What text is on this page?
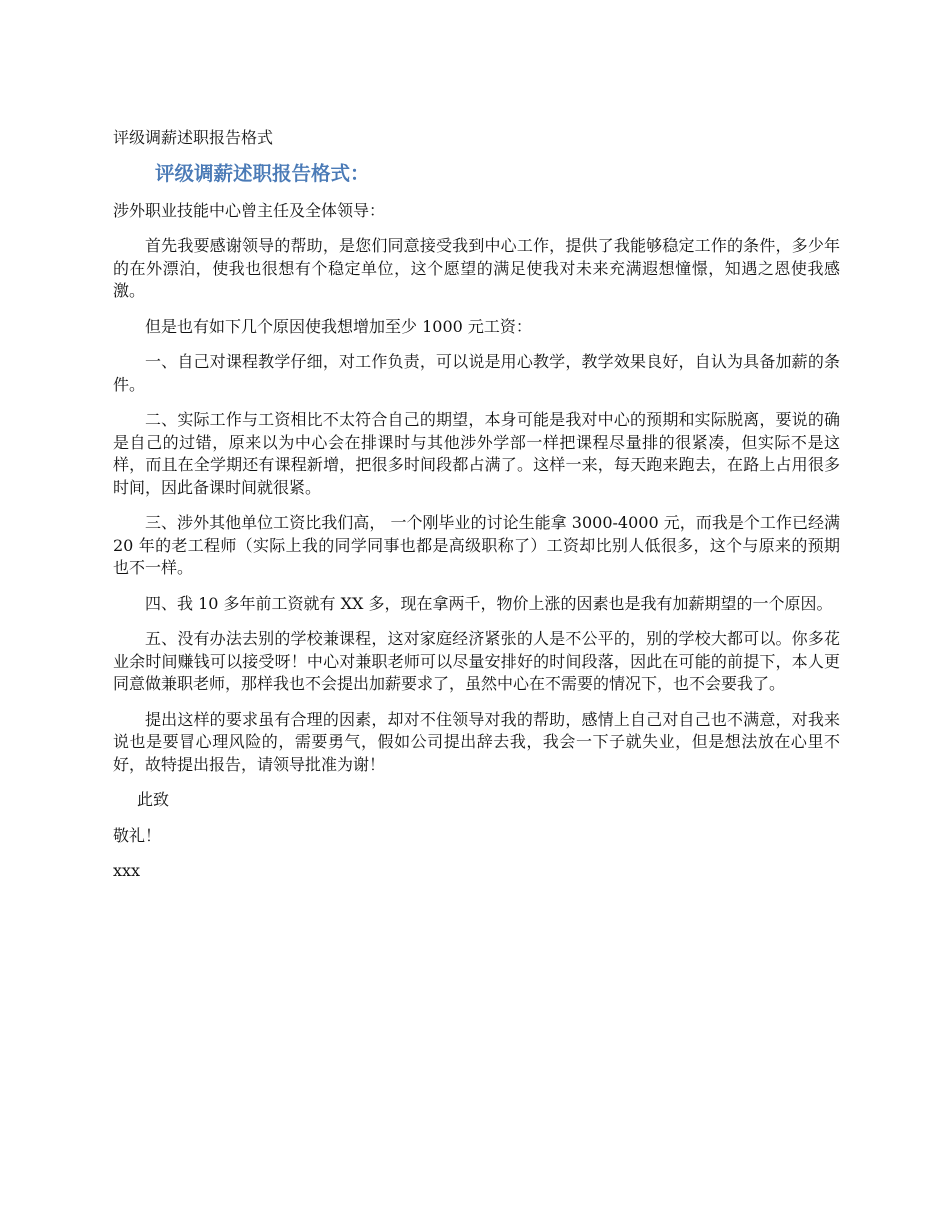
评级调薪述职报告格式
评级调薪述职报告格式：
涉外职业技能中心曾主任及全体领导：

首先我要感谢领导的帮助，是您们同意接受我到中心工作，提供了我能够稳定工作的条件，多少年的在外漂泊，使我也很想有个稳定单位，这个愿望的满足使我对未来充满遐想憧憬，知遇之恩使我感激。

但是也有如下几个原因使我想增加至少 1000 元工资：

一、自己对课程教学仔细，对工作负责，可以说是用心教学，教学效果良好，自认为具备加薪的条件。

二、实际工作与工资相比不太符合自己的期望，本身可能是我对中心的预期和实际脱离，要说的确是自己的过错，原来以为中心会在排课时与其他涉外学部一样把课程尽量排的很紧凑，但实际不是这样，而且在全学期还有课程新增，把很多时间段都占满了。这样一来，每天跑来跑去，在路上占用很多时间，因此备课时间就很紧。

三、涉外其他单位工资比我们高， 一个刚毕业的讨论生能拿 3000-4000 元，而我是个工作已经满 20 年的老工程师（实际上我的同学同事也都是高级职称了）工资却比别人低很多，这个与原来的预期也不一样。

四、我 10 多年前工资就有 XX 多，现在拿两千，物价上涨的因素也是我有加薪期望的一个原因。

五、没有办法去别的学校兼课程，这对家庭经济紧张的人是不公平的，别的学校大都可以。你多花业余时间赚钱可以接受呀！中心对兼职老师可以尽量安排好的时间段落，因此在可能的前提下，本人更同意做兼职老师，那样我也不会提出加薪要求了，虽然中心在不需要的情况下，也不会要我了。

提出这样的要求虽有合理的因素，却对不住领导对我的帮助，感情上自己对自己也不满意，对我来说也是要冒心理风险的，需要勇气，假如公司提出辞去我，我会一下子就失业，但是想法放在心里不好，故特提出报告，请领导批准为谢！

此致
敬礼！
xxx
